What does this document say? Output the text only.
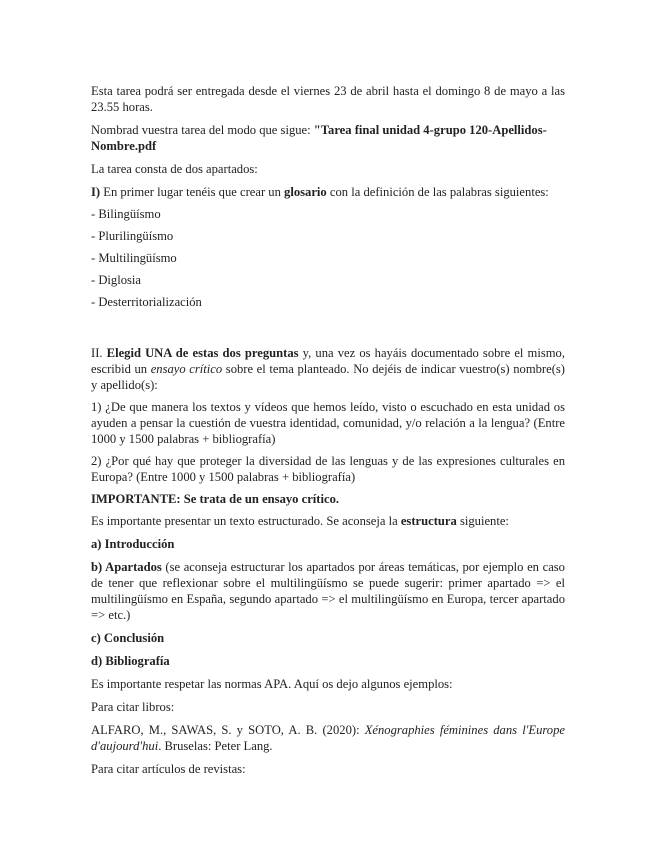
Esta tarea podrá ser entregada desde el viernes 23 de abril hasta el domingo 8 de mayo a las 23.55 horas.

Nombrad vuestra tarea del modo que sigue: "Tarea final unidad 4-grupo 120-Apellidos-Nombre.pdf

La tarea consta de dos apartados:

I) En primer lugar tenéis que crear un glosario con la definición de las palabras siguientes:

- Bilingüísmo

- Plurilingüísmo

- Multilingüísmo

- Diglosia

- Desterritorialización

II. Elegid UNA de estas dos preguntas y, una vez os hayáis documentado sobre el mismo, escribid un ensayo crítico sobre el tema planteado. No dejéis de indicar vuestro(s) nombre(s) y apellido(s):

1) ¿De que manera los textos y vídeos que hemos leído, visto o escuchado en esta unidad os ayuden a pensar la cuestión de vuestra identidad, comunidad, y/o relación a la lengua? (Entre 1000 y 1500 palabras + bibliografía)

2) ¿Por qué hay que proteger la diversidad de las lenguas y de las expresiones culturales en Europa? (Entre 1000 y 1500 palabras + bibliografía)

IMPORTANTE: Se trata de un ensayo crítico.

Es importante presentar un texto estructurado. Se aconseja la estructura siguiente:

a) Introducción

b) Apartados (se aconseja estructurar los apartados por áreas temáticas, por ejemplo en caso de tener que reflexionar sobre el multilingüísmo se puede sugerir: primer apartado => el multilingüísmo en España, segundo apartado => el multilingüísmo en Europa, tercer apartado => etc.)

c) Conclusión

d) Bibliografía

Es importante respetar las normas APA. Aquí os dejo algunos ejemplos:

Para citar libros:

ALFARO, M., SAWAS, S. y SOTO, A. B. (2020): Xénographies féminines dans l'Europe d'aujourd'hui. Bruselas: Peter Lang.

Para citar artículos de revistas:
